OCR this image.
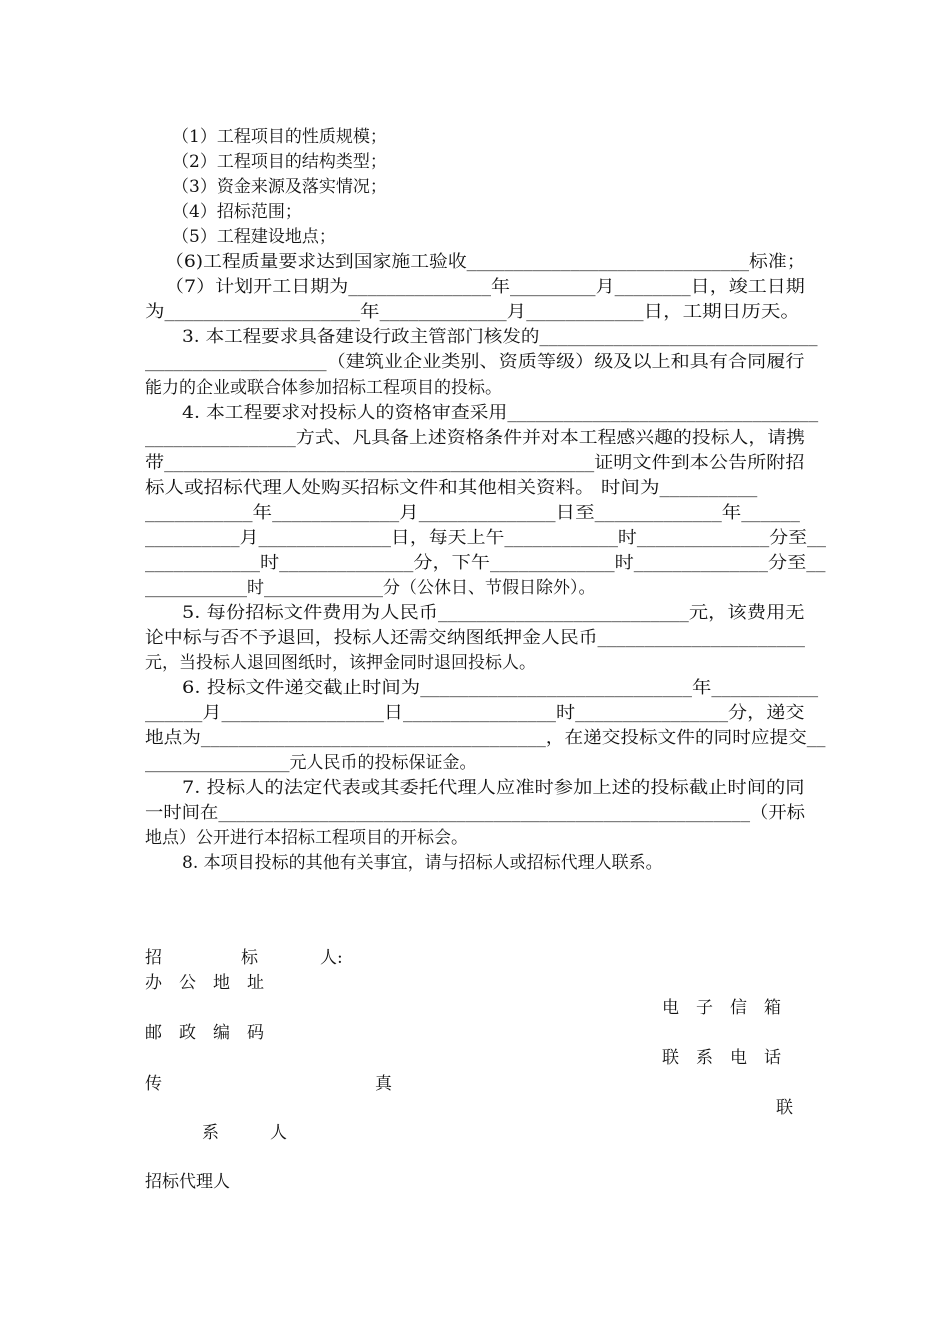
（1）工程项目的性质规模；
（2）工程项目的结构类型；
（3）资金来源及落实情况；
（4）招标范围；
（5）工程建设地点；
（6)工程质量要求达到国家施工验收______________________________标准；
（7）计划开工日期为_______________年_________月________日，竣工日期
为____________________年_____________月____________日，工期日历天。
3. 本工程要求具备建设行政主管部门核发的______________________________
___________________（建筑业企业类别、资质等级）级及以上和具有合同履行
能力的企业或联合体参加招标工程项目的投标。
4. 本工程要求对投标人的资格审查采用_________________________________
________________方式、凡具备上述资格条件并对本工程感兴趣的投标人，请携
带_____________________________________________证明文件到本公告所附招
标人或招标代理人处购买招标文件和其他相关资料。 时间为__________
___________年_____________月______________日至_____________年______
__________月______________日，每天上午____________时______________分至__
____________时______________分，下午_____________时______________分至__
____________时______________分（公休日、节假日除外）。
5. 每份招标文件费用为人民币__________________________元，该费用无
论中标与否不予退回，投标人还需交纳图纸押金人民币______________________
元，当投标人退回图纸时，该押金同时退回投标人。
6. 投标文件递交截止时间为____________________________年___________
______月_________________日________________时________________分，递交
地点为_____________________________________，在递交投标文件的同时应提交__
_________________元人民币的投标保证金。
7. 投标人的法定代表或其委托代理人应准时参加上述的投标截止时间的同
一时间在__________________________________________________________（开标
地点）公开进行本招标工程项目的开标会。
8. 本项目投标的其他有关事宜，请与招标人或招标代理人联系。
招	标	人:
办　公　地　址
电　子　信　箱
邮　政　编　码
联　系　电　话
传	真
联
系　　　人
招标代理人
